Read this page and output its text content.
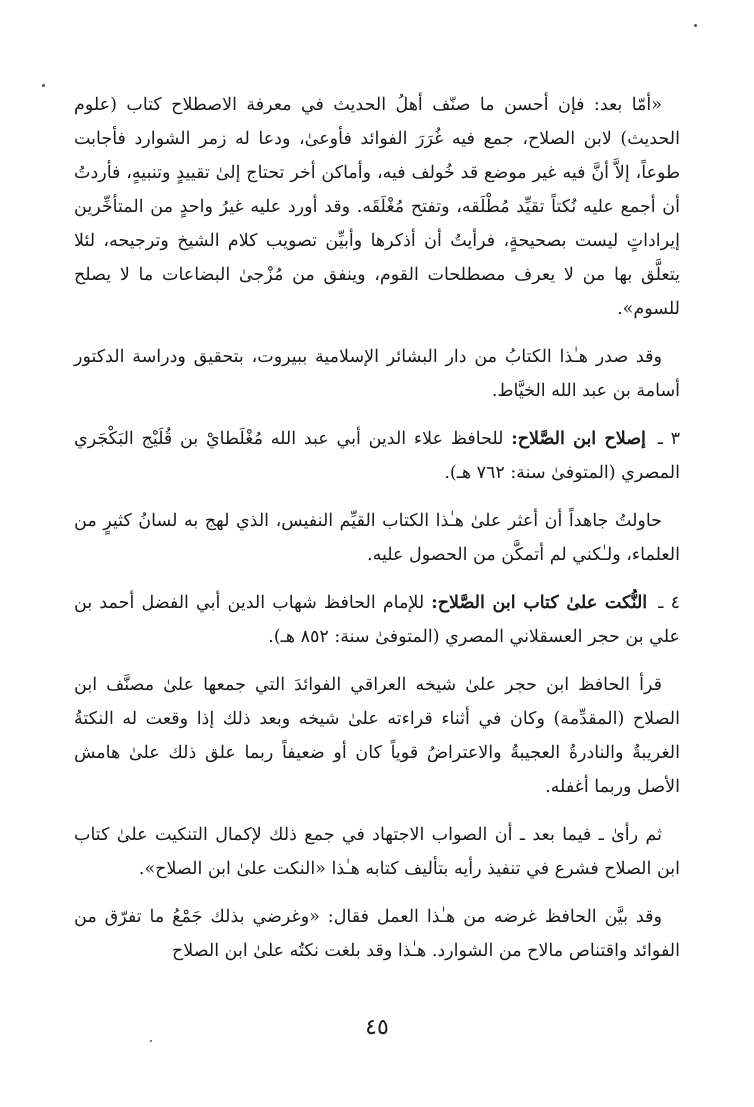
«أمّا بعد: فإن أحسن ما صنّف أهلُ الحديث في معرفة الاصطلاح كتاب (علوم الحديث) لابن الصلاح، جمع فيه غُرَرَ الفوائد فأوعىٰ، ودعا له زمر الشوارد فأجابت طوعاً، إلاَّ أنَّ فيه غير موضع قد خُولف فيه، وأماكن أخر تحتاج إلىٰ تقييدٍ وتنبيهٍ، فأردتُ أن أجمع عليه نُكتاً تقيِّد مُطْلَقه، وتفتح مُغْلَقَه. وقد أورد عليه غيرُ واحدٍ من المتأخِّرين إيراداتٍ ليست بصحيحةٍ، فرأيتُ أن أذكرها وأبيِّن تصويب كلام الشيخ وترجيحه، لئلا يتعلَّق بها من لا يعرف مصطلحات القوم، وينفق من مُزْجىٰ البضاعات ما لا يصلح للسوم».

وقد صدر هـٰذا الكتابُ من دار البشائر الإسلامية ببيروت، بتحقيق ودراسة الدكتور أسامة بن عبد الله الخيَّاط.

٣ ـ إصلاح ابن الصَّلاح: للحافظ علاء الدين أبي عبد الله مُغْلَطايْ بن قُلَيْج البَكْجَري المصري (المتوفىٰ سنة: ٧٦٢ هـ).

حاولتُ جاهداً أن أعثر علىٰ هـٰذا الكتاب القيِّم النفيس، الذي لهج به لسانُ كثيرٍ من العلماء، ولـٰكني لم أتمكَّن من الحصول عليه.

٤ ـ النُّكت علىٰ كتاب ابن الصَّلاح: للإمام الحافظ شهاب الدين أبي الفضل أحمد بن علي بن حجر العسقلاني المصري (المتوفىٰ سنة: ٨٥٢ هـ).

قرأ الحافظ ابن حجر علىٰ شيخه العراقي الفوائدَ التي جمعها علىٰ مصنَّف ابن الصلاح (المقدِّمة) وكان في أثناء قراءته علىٰ شيخه وبعد ذلك إذا وقعت له النكتةُ الغريبةُ والنادرةُ العجيبةُ والاعتراضُ قوياً كان أو ضعيفاً ربما علق ذلك علىٰ هامش الأصل وربما أغفله.

ثم رأىٰ ـ فيما بعد ـ أن الصواب الاجتهاد في جمع ذلك لإكمال التنكيت علىٰ كتاب ابن الصلاح فشرع في تنفيذ رأيه بتأليف كتابه هـٰذا «النكت علىٰ ابن الصلاح».

وقد بيَّن الحافظ غرضه من هـٰذا العمل فقال: «وغرضي بذلك جَمْعُ ما تفرّق من الفوائد واقتناص مالاح من الشوارد. هـٰذا وقد بلغت نكتُه علىٰ ابن الصلاح

٤٥
